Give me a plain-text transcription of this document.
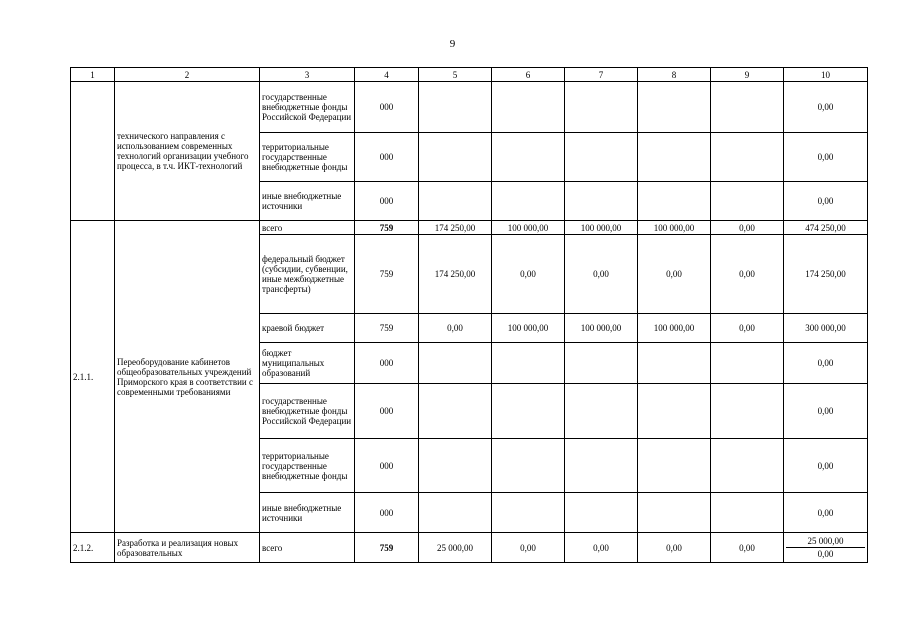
9
1	2	3	4	5	6	7	8	9	10
	технического направления с использованием современных технологий организации учебного процесса, в т.ч. ИКТ-технологий	государственные внебюджетные фонды Российской Федерации	000						0,00
		территориальные государственные внебюджетные фонды	000						0,00
		иные внебюджетные источники	000						0,00
2.1.1.	Переоборудование кабинетов общеобразовательных учреждений Приморского края в соответствии с современными требованиями	всего	759	174 250,00	100 000,00	100 000,00	100 000,00	0,00	474 250,00
		федеральный бюджет (субсидии, субвенции, иные межбюджетные трансферты)	759	174 250,00	0,00	0,00	0,00	0,00	174 250,00
		краевой бюджет	759	0,00	100 000,00	100 000,00	100 000,00	0,00	300 000,00
		бюджет муниципальных образований	000						0,00
		государственные внебюджетные фонды Российской Федерации	000						0,00
		территориальные государственные внебюджетные фонды	000						0,00
		иные внебюджетные источники	000						0,00
2.1.2.	Разработка и реализация новых образовательных	всего	759	25 000,00	0,00	0,00	0,00	0,00	25 000,00
0,00
